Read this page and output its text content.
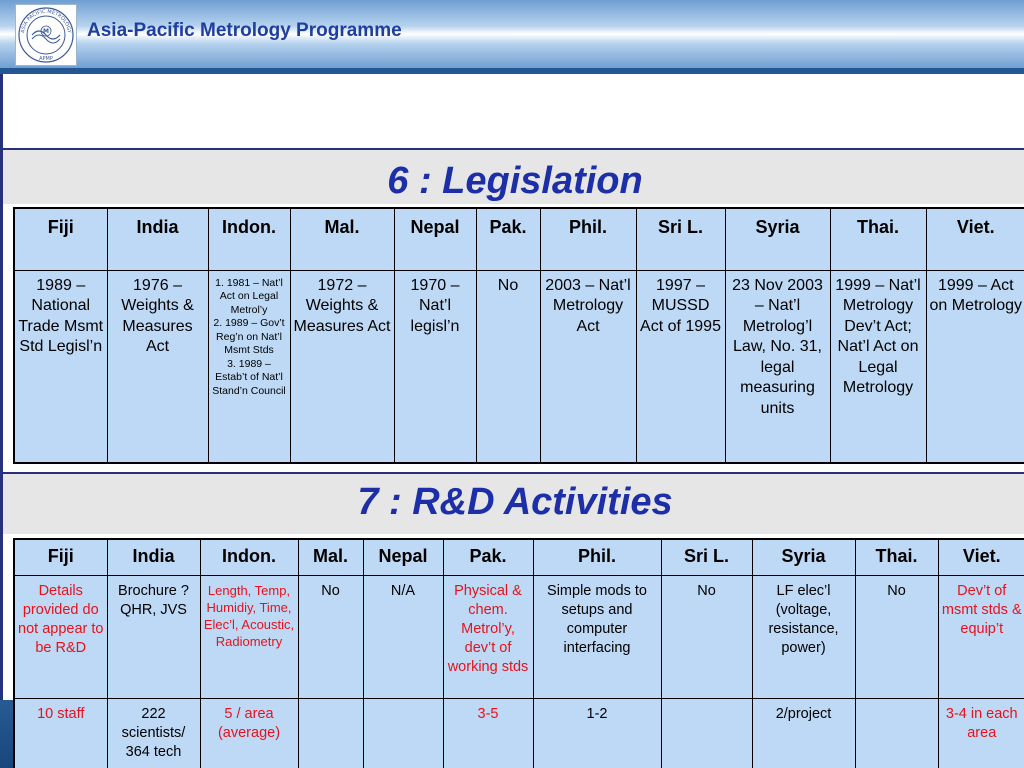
ASIA PACIFIC METROLOGY
APMP
M Asia-Pacific Metrology Programme
6 : Legislation
7 : R&D Activities
Fiji	India	Indon.	Mal.	Nepal	Pak.	Phil.	Sri L.	Syria	Thai.	Viet.
1989 – National Trade Msmt Std Legisl’n	1976 – Weights & Measures Act	1. 1981 – Nat’l Act on Legal Metrol’y
2. 1989 – Gov’t Reg’n on Nat’l Msmt Stds
3. 1989 – Estab’t of Nat’l Stand’n Council	1972 – Weights & Measures Act	1970 – Nat’l legisl’n	No	2003 – Nat’l Metrology Act	1997 – MUSSD Act of 1995	23 Nov 2003 – Nat’l Metrolog’l Law, No. 31, legal measuring units	1999 – Nat’l Metrology Dev’t Act; Nat’l Act on Legal Metrology	1999 – Act on Metrology
Fiji	India	Indon.	Mal.	Nepal	Pak.	Phil.	Sri L.	Syria	Thai.	Viet.
Details provided do not appear to be R&D	Brochure ? QHR, JVS	Length, Temp, Humidiy, Time, Elec’l, Acoustic, Radiometry	No	N/A	Physical & chem. Metrol’y, dev’t of working stds	Simple mods to setups and computer interfacing	No	LF elec’l (voltage, resistance, power)	No	Dev’t of msmt stds & equip’t
10 staff	222 scientists/ 364 tech	5 / area (average)			3-5	1-2		2/project		3-4 in each area
